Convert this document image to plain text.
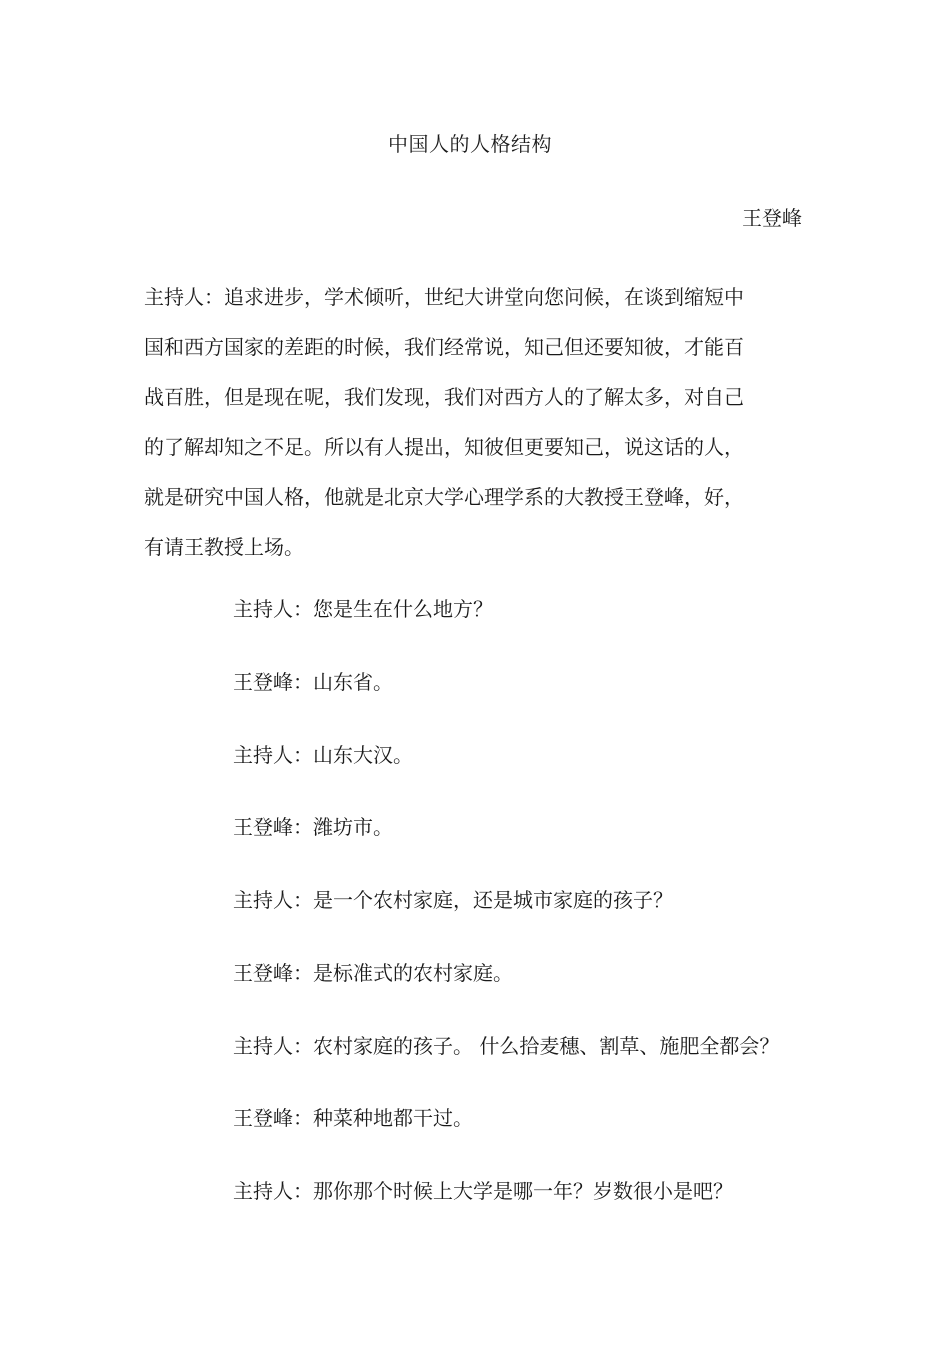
中国人的人格结构
王登峰
主持人：追求进步，学术倾听，世纪大讲堂向您问候，在谈到缩短中
国和西方国家的差距的时候，我们经常说，知己但还要知彼，才能百
战百胜，但是现在呢，我们发现，我们对西方人的了解太多，对自己
的了解却知之不足。所以有人提出，知彼但更要知己，说这话的人，
就是研究中国人格，他就是北京大学心理学系的大教授王登峰，好，
有请王教授上场。
主持人：您是生在什么地方？
王登峰：山东省。
主持人：山东大汉。
王登峰：潍坊市。
主持人：是一个农村家庭，还是城市家庭的孩子？
王登峰：是标准式的农村家庭。
主持人：农村家庭的孩子。 什么拾麦穗、割草、施肥全都会？
王登峰：种菜种地都干过。
主持人：那你那个时候上大学是哪一年？岁数很小是吧？
